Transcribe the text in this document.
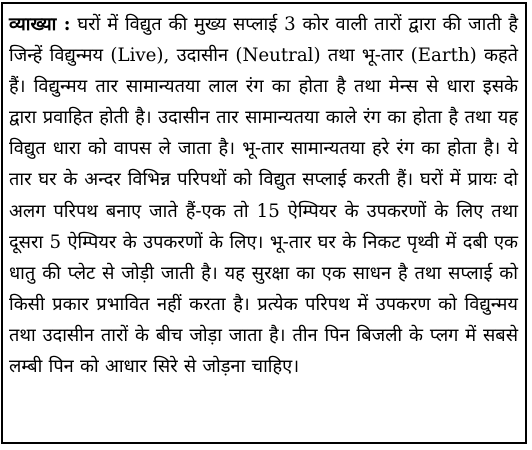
व्याख्या : घरों में विद्युत की मुख्य सप्लाई 3 कोर वाली तारों द्वारा की जाती है जिन्हें विद्युन्मय (Live), उदासीन (Neutral) तथा भू-तार (Earth) कहते हैं। विद्युन्मय तार सामान्यतया लाल रंग का होता है तथा मेन्स से धारा इसके द्वारा प्रवाहित होती है। उदासीन तार सामान्यतया काले रंग का होता है तथा यह विद्युत धारा को वापस ले जाता है। भू-तार सामान्यतया हरे रंग का होता है। ये तार घर के अन्दर विभिन्न परिपथों को विद्युत सप्लाई करती हैं। घरों में प्रायः दो अलग परिपथ बनाए जाते हैं-एक तो 15 ऐम्पियर के उपकरणों के लिए तथा दूसरा 5 ऐम्पियर के उपकरणों के लिए। भू-तार घर के निकट पृथ्वी में दबी एक धातु की प्लेट से जोड़ी जाती है। यह सुरक्षा का एक साधन है तथा सप्लाई को किसी प्रकार प्रभावित नहीं करता है। प्रत्येक परिपथ में उपकरण को विद्युन्मय तथा उदासीन तारों के बीच जोड़ा जाता है। तीन पिन बिजली के प्लग में सबसे लम्बी पिन को आधार सिरे से जोड़ना चाहिए।
